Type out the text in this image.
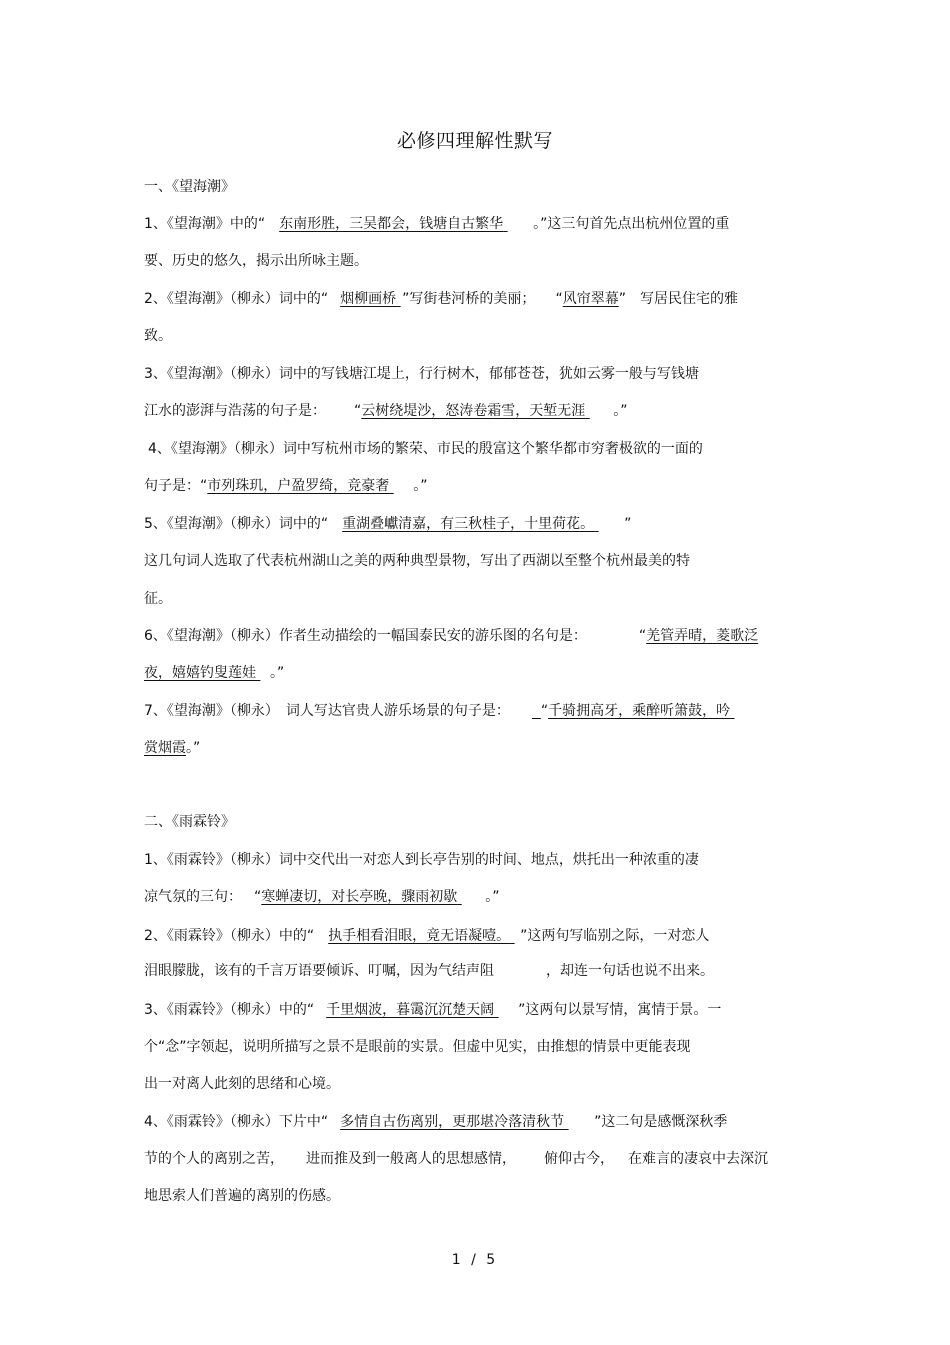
必修四理解性默写
一、《望海潮》
1、《望海潮》中的“ 东南形胜，三吴都会，钱塘自古繁华 。”这三句首先点出杭州位置的重
要、历史的悠久，揭示出所咏主题。
2、《望海潮》（柳永）词中的“ 烟柳画桥 ”写街巷河桥的美丽； “风帘翠幕” 写居民住宅的雅
致。
3、《望海潮》（柳永）词中的写钱塘江堤上，行行树木，郁郁苍苍，犹如云雾一般与写钱塘
江水的澎湃与浩荡的句子是： “云树绕堤沙，怒涛卷霜雪，天堑无涯 。”
4、《望海潮》（柳永）词中写杭州市场的繁荣、市民的殷富这个繁华都市穷奢极欲的一面的
句子是：“市列珠玑，户盈罗绮，竞豪奢 。”
5、《望海潮》（柳永）词中的“ 重湖叠巘清嘉，有三秋桂子，十里荷花。 ”
这几句词人选取了代表杭州湖山之美的两种典型景物，写出了西湖以至整个杭州最美的特
征。
6、《望海潮》（柳永）作者生动描绘的一幅国泰民安的游乐图的名句是：	“羌管弄晴，菱歌泛
夜，嬉嬉钓叟莲娃 。”
7、《望海潮》（柳永）　词人写达官贵人游乐场景的句子是： “千骑拥高牙，乘醉听箫鼓，吟
赏烟霞。”
二、《雨霖铃》
1、《雨霖铃》（柳永）词中交代出一对恋人到长亭告别的时间、地点，烘托出一种浓重的凄
凉气氛的三句： “寒蝉凄切，对长亭晚，骤雨初歇 。”
2、《雨霖铃》（柳永）中的“ 执手相看泪眼，竟无语凝噎。 ”这两句写临别之际，一对恋人
泪眼朦胧，该有的千言万语要倾诉、叮嘱，因为气结声阻	，却连一句话也说不出来。
3、《雨霖铃》（柳永）中的“ 千里烟波，暮霭沉沉楚天阔 ”这两句以景写情，寓情于景。一
个“念”字领起，说明所描写之景不是眼前的实景。但虚中见实，由推想的情景中更能表现
出一对离人此刻的思绪和心境。
4、《雨霖铃》（柳永）下片中“ 多情自古伤离别，更那堪冷落清秋节 ”这二句是感慨深秋季
节的个人的离别之苦， 进而推及到一般离人的思想感情， 俯仰古今， 在难言的凄哀中去深沉
地思索人们普遍的离别的伤感。
1 / 5
